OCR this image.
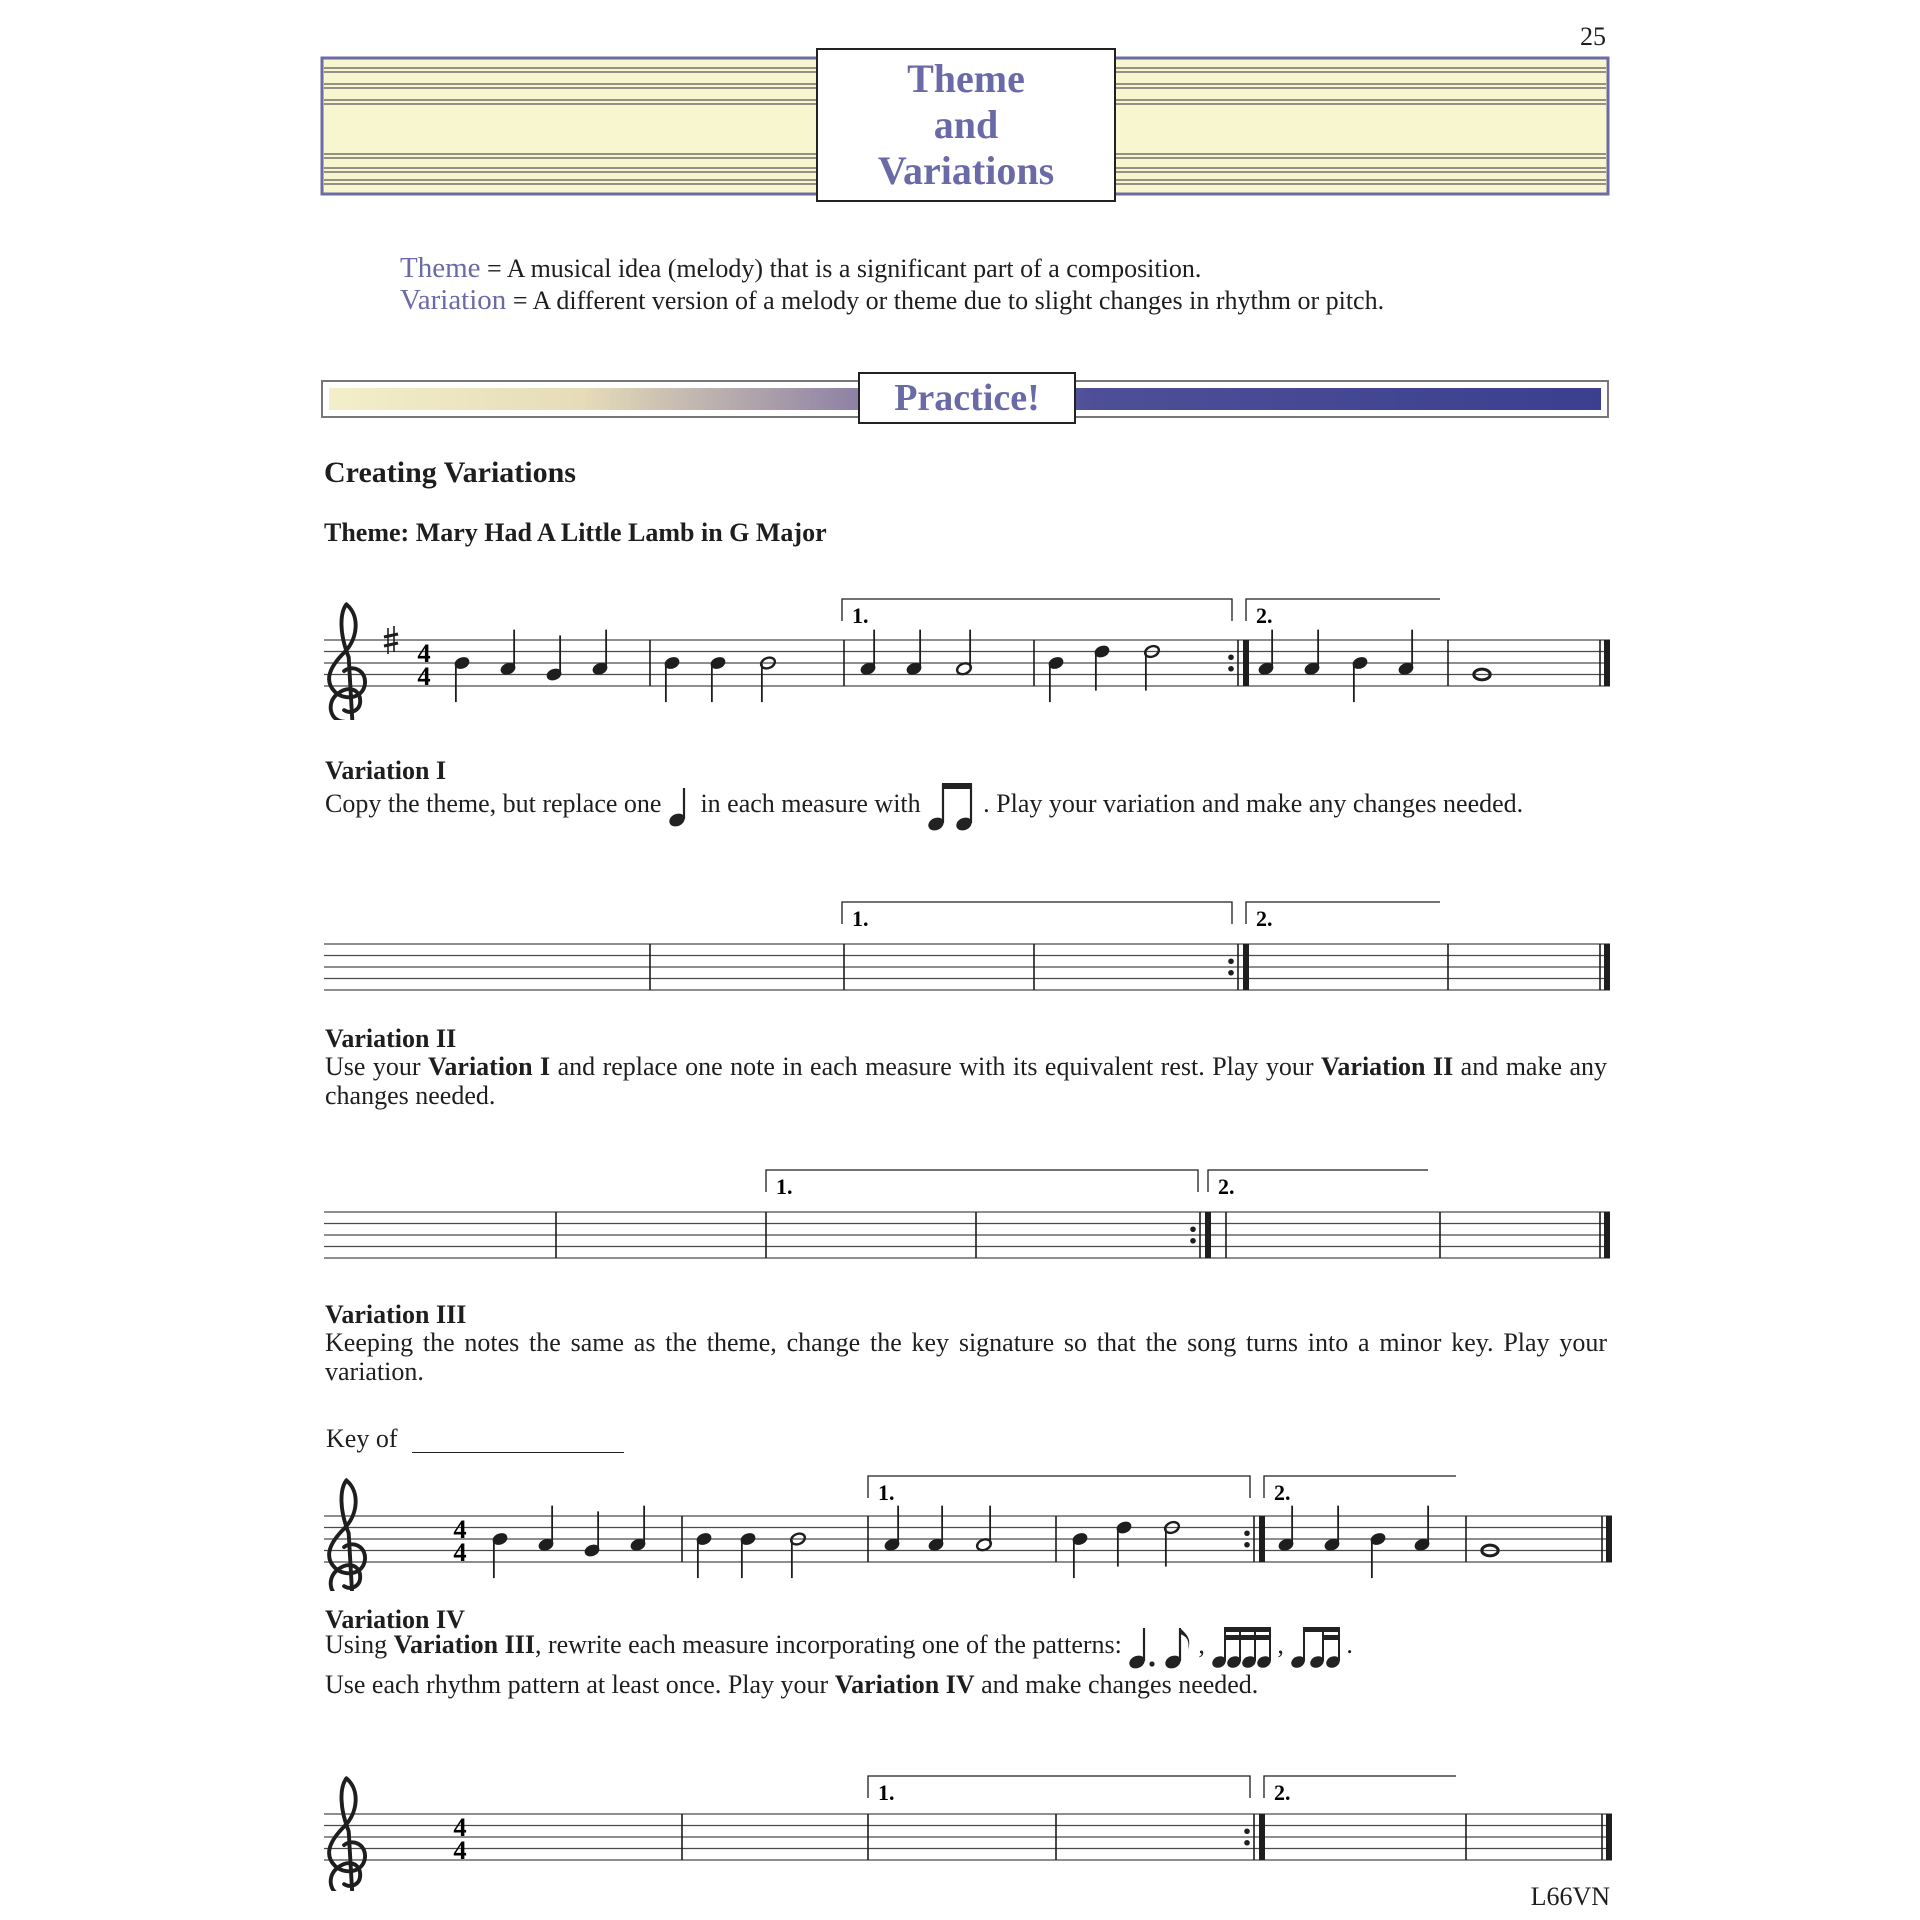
25
Theme
and
Variations
Theme = A musical idea (melody) that is a significant part of a composition.
Variation = A different version of a melody or theme due to slight changes in rhythm or pitch.
Practice!
Creating Variations
Theme: Mary Had A Little Lamb in G Major
1.	2.
4
4
Variation I
Copy the theme, but replace one in each measure with . Play your variation and make any changes needed.
1.	2.
Variation II
Use your Variation I and replace one note in each measure with its equivalent rest. Play your Variation II and make any changes needed.
1.	2.
Variation III
Keeping the notes the same as the theme, change the key signature so that the song turns into a minor key. Play your variation.
Key of
1.	2.
4
4
Variation IV
Using Variation III, rewrite each measure incorporating one of the patterns:	,	, .
Use each rhythm pattern at least once. Play your Variation IV and make changes needed.
1.	2.
4
4
L66VN
